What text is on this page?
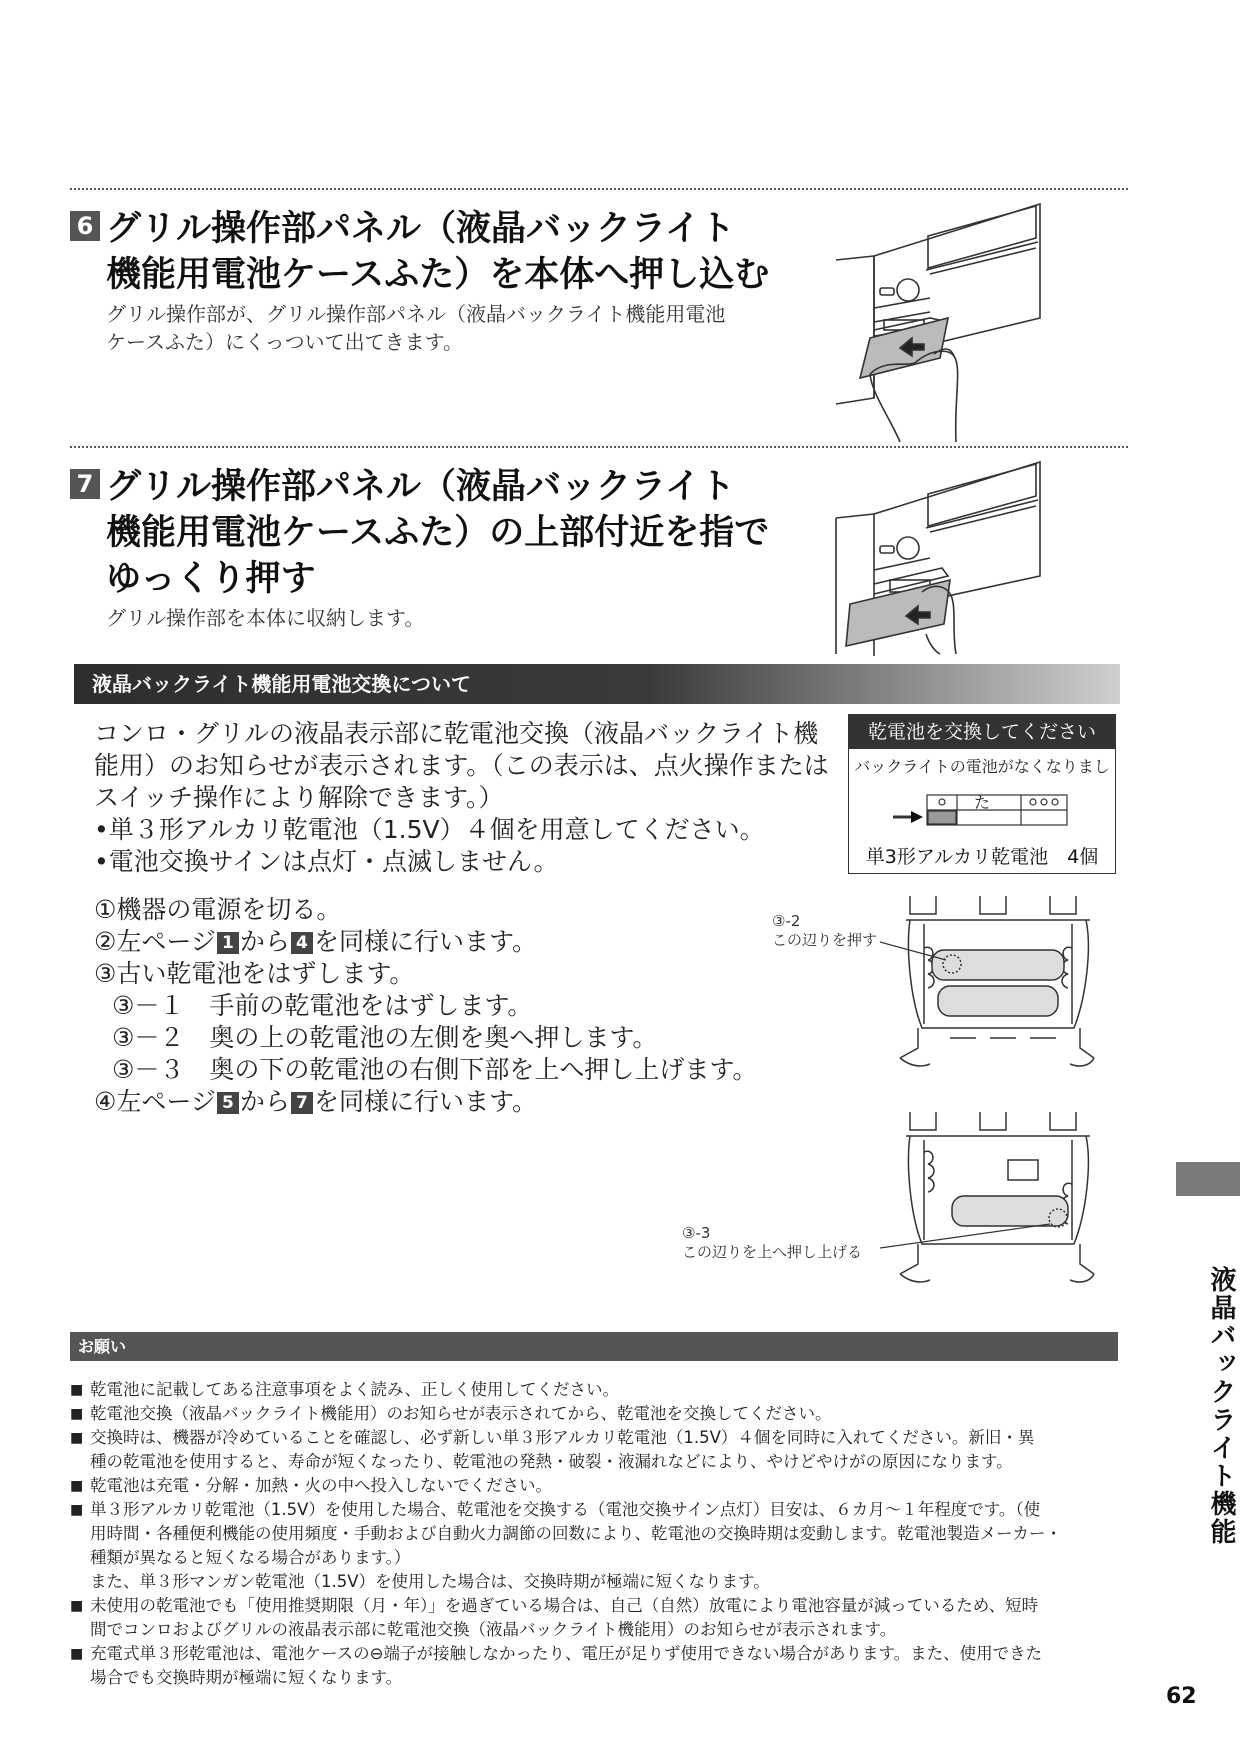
6 グリル操作部パネル（液晶バックライト
機能用電池ケースふた）を本体へ押し込む
グリル操作部が、グリル操作部パネル（液晶バックライト機能用電池
ケースふた）にくっついて出てきます。
7 グリル操作部パネル（液晶バックライト
機能用電池ケースふた）の上部付近を指で
ゆっくり押す
グリル操作部を本体に収納します。
液晶バックライト機能用電池交換について

コンロ・グリルの液晶表示部に乾電池交換（液晶バックライト機

能用）のお知らせが表示されます。（この表示は、点火操作または

スイッチ操作により解除できます。）

•単３形アルカリ乾電池（1.5V）４個を用意してください。

•電池交換サインは点灯・点滅しません。

①機器の電源を切る。

②左ページ 1 から 4 を同様に行います。

③古い乾電池をはずします。

③－１　手前の乾電池をはずします。

③－２　奥の上の乾電池の左側を奥へ押します。

③－３　奥の下の乾電池の右側下部を上へ押し上げます。

④左ページ 5 から 7 を同様に行います。

乾電池を交換してください
バックライトの電池がなくなりました
単3形アルカリ乾電池　4個
③-2
この辺りを押す
③-3
この辺りを上へ押し上げる
お願い
■ 乾電池に記載してある注意事項をよく読み、正しく使用してください。
■ 乾電池交換（液晶バックライト機能用）のお知らせが表示されてから、乾電池を交換してください。
■ 交換時は、機器が冷めていることを確認し、必ず新しい単３形アルカリ乾電池（1.5V）４個を同時に入れてください。新旧・異
種の乾電池を使用すると、寿命が短くなったり、乾電池の発熱・破裂・液漏れなどにより、やけどやけがの原因になります。
■ 乾電池は充電・分解・加熱・火の中へ投入しないでください。
■ 単３形アルカリ乾電池（1.5V）を使用した場合、乾電池を交換する（電池交換サイン点灯）目安は、６カ月～１年程度です。（使
用時間・各種便利機能の使用頻度・手動および自動火力調節の回数により、乾電池の交換時期は変動します。乾電池製造メーカー・
種類が異なると短くなる場合があります。）
また、単３形マンガン乾電池（1.5V）を使用した場合は、交換時期が極端に短くなります。
■ 未使用の乾電池でも「使用推奨期限（月・年）」を過ぎている場合は、自己（自然）放電により電池容量が減っているため、短時
間でコンロおよびグリルの液晶表示部に乾電池交換（液晶バックライト機能用）のお知らせが表示されます。
■ 充電式単３形乾電池は、電池ケースの⊖端子が接触しなかったり、電圧が足りず使用できない場合があります。また、使用できた
場合でも交換時期が極端に短くなります。
液晶バックライト機能
62
